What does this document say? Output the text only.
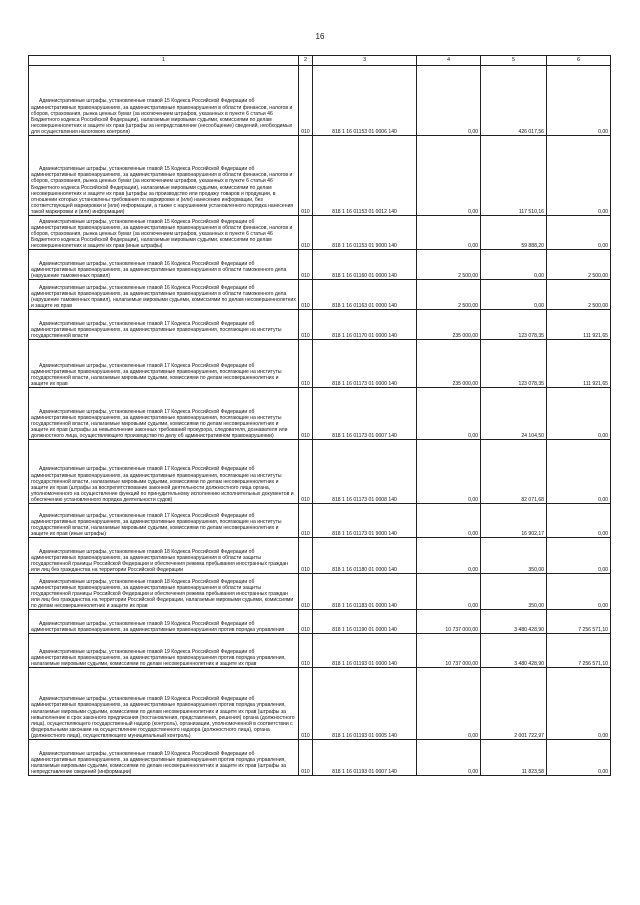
16
1	2	3	4	5	6

Административные штрафы, установленные главой 15 Кодекса Российской Федерации об административных правонарушениях, за административные правонарушения в области финансов, налогов и сборов, страхования, рынка ценных бумаг (за исключением штрафов, указанных в пункте 6 статьи 46 Бюджетного кодекса Российской Федерации), налагаемые мировыми судьями, комиссиями по делам несовершеннолетних и защите их прав (штрафы за непредставление (несообщение) сведений, необходимых для осуществления налогового контроля)	010	818 1 16 01153 01 0006 140	0,00	426 017,56	0,00

Административные штрафы, установленные главой 15 Кодекса Российской Федерации об административных правонарушениях, за административные правонарушения в области финансов, налогов и сборов, страхования, рынка ценных бумаг (за исключением штрафов, указанных в пункте 6 статьи 46 Бюджетного кодекса Российской Федерации), налагаемые мировыми судьями, комиссиями по делам несовершеннолетних и защите их прав (штрафы за производство или продажу товаров и продукции, в отношении которых установлены требования по маркировке и (или) нанесению информации, без соответствующей маркировки и (или) информации, а также с нарушением установленного порядка нанесения такой маркировки и (или) информации)	010	818 1 16 01153 01 0012 140	0,00	117 510,16	0,00

Административные штрафы, установленные главой 15 Кодекса Российской Федерации об административных правонарушениях, за административные правонарушения в области финансов, налогов и сборов, страхования, рынка ценных бумаг (за исключением штрафов, указанных в пункте 6 статьи 46 Бюджетного кодекса Российской Федерации), налагаемые мировыми судьями, комиссиями по делам несовершеннолетних и защите их прав (иные штрафы)	010	818 1 16 01153 01 9000 140	0,00	59 888,20	0,00

Административные штрафы, установленные главой 16 Кодекса Российской Федерации об административных правонарушениях, за административные правонарушения в области таможенного дела (нарушение таможенных правил)	010	818 1 16 01160 01 0000 140	2 500,00	0,00	2 500,00

Административные штрафы, установленные главой 16 Кодекса Российской Федерации об административных правонарушениях, за административные правонарушения в области таможенного дела (нарушение таможенных правил), налагаемые мировыми судьями, комиссиями по делам несовершеннолетних и защите их прав	010	818 1 16 01163 01 0000 140	2 500,00	0,00	2 500,00

Административные штрафы, установленные главой 17 Кодекса Российской Федерации об административных правонарушениях, за административные правонарушения, посягающие на институты государственной власти	010	818 1 16 01170 01 0000 140	235 000,00	123 078,35	111 921,65

Административные штрафы, установленные главой 17 Кодекса Российской Федерации об административных правонарушениях, за административные правонарушения, посягающие на институты государственной власти, налагаемые мировыми судьями, комиссиями по делам несовершеннолетних и защите их прав	010	818 1 16 01173 01 0000 140	235 000,00	123 078,35	111 921,65

Административные штрафы, установленные главой 17 Кодекса Российской Федерации об административных правонарушениях, за административные правонарушения, посягающие на институты государственной власти, налагаемые мировыми судьями, комиссиями по делам несовершеннолетних и защите их прав (штрафы за невыполнение законных требований прокурора, следователя, дознавателя или должностного лица, осуществляющего производство по делу об административном правонарушении)	010	818 1 16 01173 01 0007 140	0,00	24 104,50	0,00

Административные штрафы, установленные главой 17 Кодекса Российской Федерации об административных правонарушениях, за административные правонарушения, посягающие на институты государственной власти, налагаемые мировыми судьями, комиссиями по делам несовершеннолетних и защите их прав (штрафы за воспрепятствование законной деятельности должностного лица органа, уполномоченного на осуществление функций по принудительному исполнению исполнительных документов и обеспечению установленного порядка деятельности судов)	010	818 1 16 01173 01 0008 140	0,00	82 071,68	0,00

Административные штрафы, установленные главой 17 Кодекса Российской Федерации об административных правонарушениях, за административные правонарушения, посягающие на институты государственной власти, налагаемые мировыми судьями, комиссиями по делам несовершеннолетних и защите их прав (иные штрафы)	010	818 1 16 01173 01 9000 140	0,00	16 902,17	0,00

Административные штрафы, установленные главой 18 Кодекса Российской Федерации об административных правонарушениях, за административные правонарушения в области защиты государственной границы Российской Федерации и обеспечения режима пребывания иностранных граждан или лиц без гражданства на территории Российской Федерации	010	818 1 16 01180 01 0000 140	0,00	350,00	0,00

Административные штрафы, установленные главой 18 Кодекса Российской Федерации об административных правонарушениях, за административные правонарушения в области защиты государственной границы Российской Федерации и обеспечения режима пребывания иностранных граждан или лиц без гражданства на территории Российской Федерации, налагаемые мировыми судьями, комиссиями по делам несовершеннолетних и защите их прав	010	818 1 16 01183 01 0000 140	0,00	350,00	0,00

Административные штрафы, установленные главой 19 Кодекса Российской Федерации об административных правонарушениях, за административные правонарушения против порядка управления	010	818 1 16 01190 01 0000 140	10 737 000,00	3 480 428,90	7 256 571,10

Административные штрафы, установленные главой 19 Кодекса Российской Федерации об административных правонарушениях, за административные правонарушения против порядка управления, налагаемые мировыми судьями, комиссиями по делам несовершеннолетних и защите их прав	010	818 1 16 01193 01 0000 140	10 737 000,00	3 480 428,90	7 256 571,10

Административные штрафы, установленные главой 19 Кодекса Российской Федерации об административных правонарушениях, за административные правонарушения против порядка управления, налагаемые мировыми судьями, комиссиями по делам несовершеннолетних и защите их прав (штрафы за невыполнение в срок законного предписания (постановления, представления, решения) органа (должностного лица), осуществляющего государственный надзор (контроль), организации, уполномоченной в соответствии с федеральными законами на осуществление государственного надзора (должностного лица), органа (должностного лица), осуществляющего муниципальный контроль)	010	818 1 16 01193 01 0005 140	0,00	2 001 722,97	0,00

Административные штрафы, установленные главой 19 Кодекса Российской Федерации об административных правонарушениях, за административные правонарушения против порядка управления, налагаемые мировыми судьями, комиссиями по делам несовершеннолетних и защите их прав (штрафы за непредставление сведений (информации)	010	818 1 16 01193 01 0007 140	0,00	11 823,58	0,00
